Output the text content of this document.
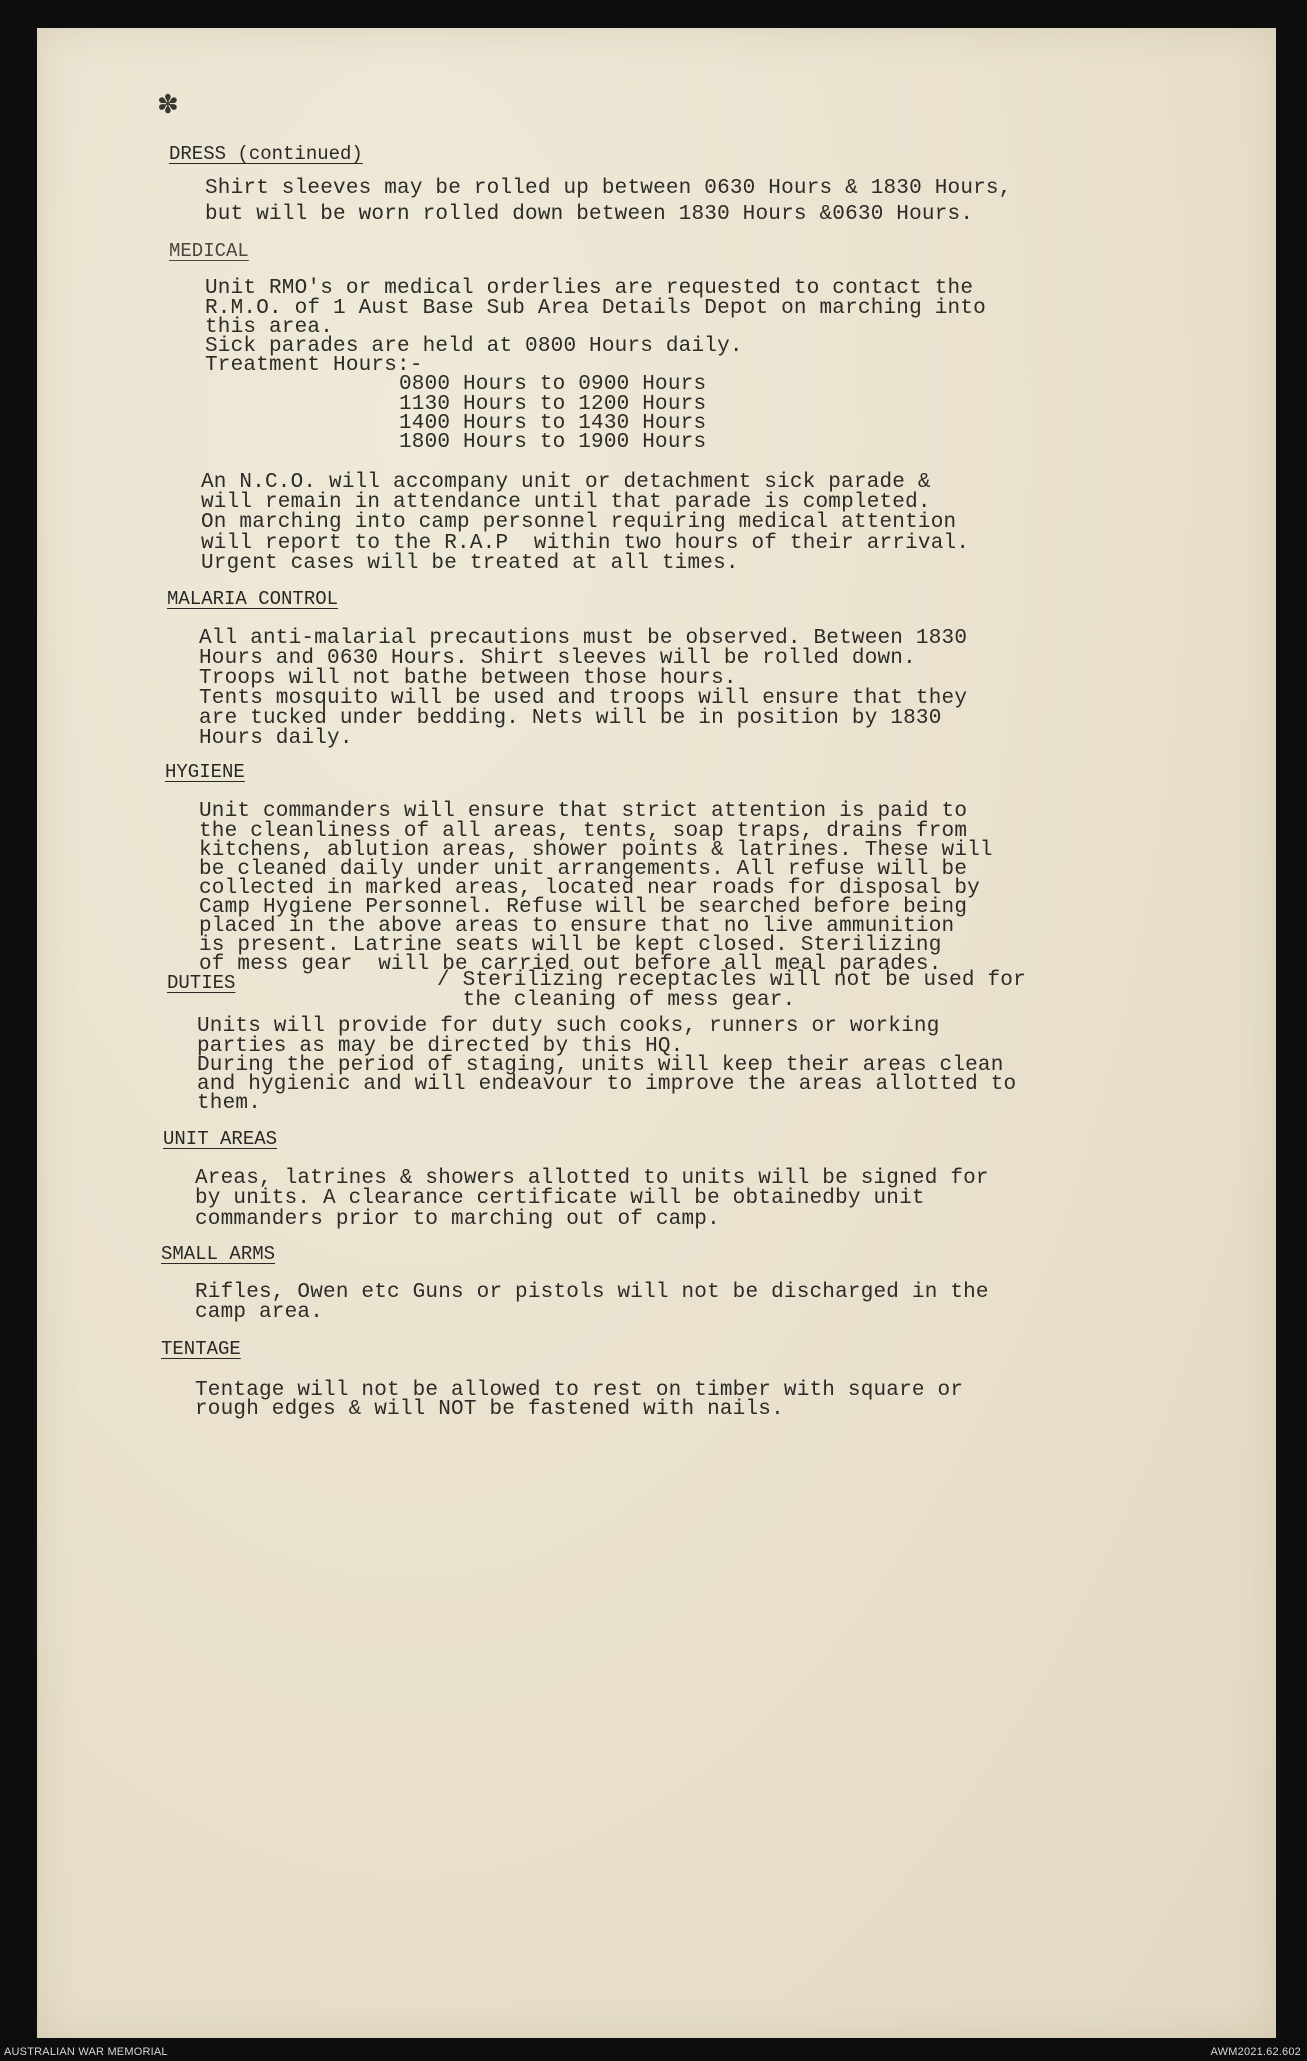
✽
DRESS (continued)
Shirt sleeves may be rolled up between 0630 Hours & 1830 Hours,
but will be worn rolled down between 1830 Hours &0630 Hours.
MEDICAL
Unit RMO's or medical orderlies are requested to contact the
R.M.O. of 1 Aust Base Sub Area Details Depot on marching into
this area.
Sick parades are held at 0800 Hours daily.
Treatment Hours:-
0800 Hours to 0900 Hours
1130 Hours to 1200 Hours
1400 Hours to 1430 Hours
1800 Hours to 1900 Hours
An N.C.O. will accompany unit or detachment sick parade &
will remain in attendance until that parade is completed.
On marching into camp personnel requiring medical attention
will report to the R.A.P  within two hours of their arrival.
Urgent cases will be treated at all times.
MALARIA CONTROL
All anti-malarial precautions must be observed. Between 1830
Hours and 0630 Hours. Shirt sleeves will be rolled down.
Troops will not bathe between those hours.
Tents mosquito will be used and troops will ensure that they
are tucked under bedding. Nets will be in position by 1830
Hours daily.
HYGIENE
Unit commanders will ensure that strict attention is paid to
the cleanliness of all areas, tents, soap traps, drains from
kitchens, ablution areas, shower points & latrines. These will
be cleaned daily under unit arrangements. All refuse will be
collected in marked areas, located near roads for disposal by
Camp Hygiene Personnel. Refuse will be searched before being
placed in the above areas to ensure that no live ammunition
is present. Latrine seats will be kept closed. Sterilizing
of mess gear  will be carried out before all meal parades.
/ Sterilizing receptacles will not be used for
the cleaning of mess gear.
DUTIES
Units will provide for duty such cooks, runners or working
parties as may be directed by this HQ.
During the period of staging, units will keep their areas clean
and hygienic and will endeavour to improve the areas allotted to
them.
UNIT AREAS
Areas, latrines & showers allotted to units will be signed for
by units. A clearance certificate will be obtainedby unit
commanders prior to marching out of camp.
SMALL ARMS
Rifles, Owen etc Guns or pistols will not be discharged in the
camp area.
TENTAGE
Tentage will not be allowed to rest on timber with square or
rough edges & will NOT be fastened with nails.
AUSTRALIAN WAR MEMORIAL	AWM2021.62.602
